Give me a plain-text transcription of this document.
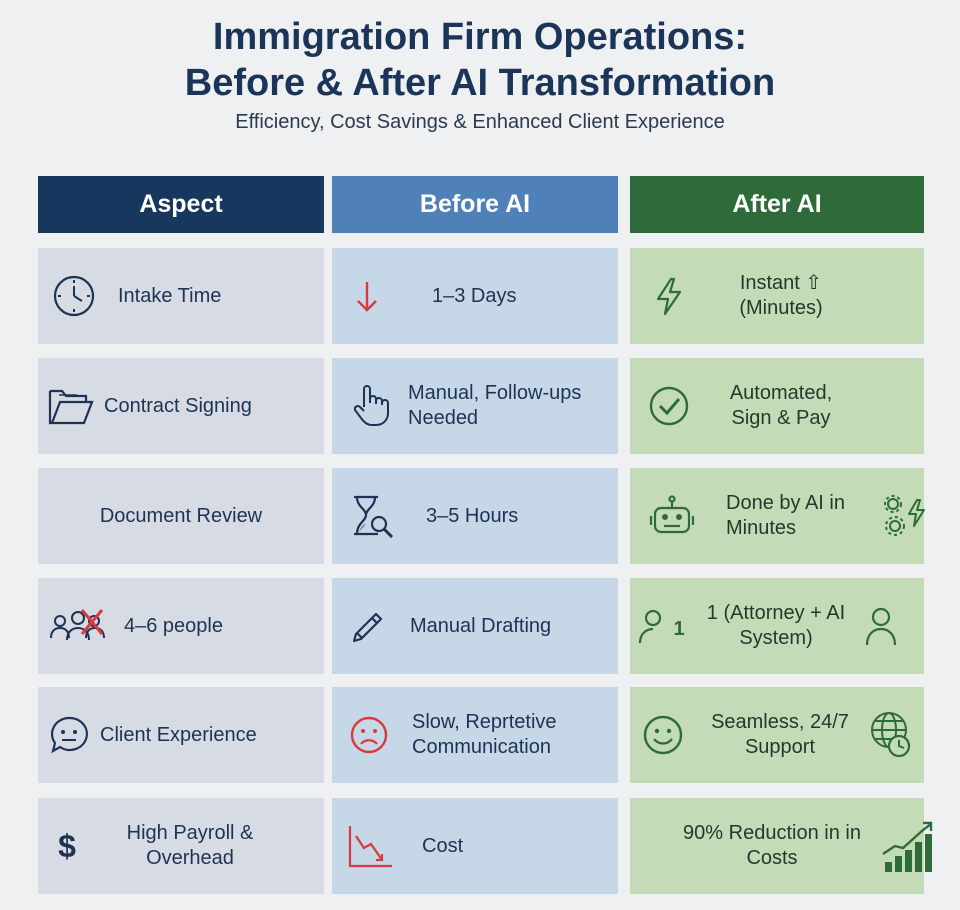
Immigration Firm Operations:
Before & After AI Transformation
Efficiency, Cost Savings & Enhanced Client Experience
Aspect
Intake Time
Contract Signing
Document Review
4–6 people
Client Experience
$	High Payroll & Overhead
Before AI
1–3 Days
Manual, Follow-ups Needed
3–5 Hours
Manual Drafting
Slow, Reprtetive Communication
Cost
After AI
Instant ⇧ (Minutes)
Automated, Sign & Pay
Done by AI in Minutes
1
1 (Attorney + AI System)
Seamless, 24/7 Support
90% Reduction in in Costs
